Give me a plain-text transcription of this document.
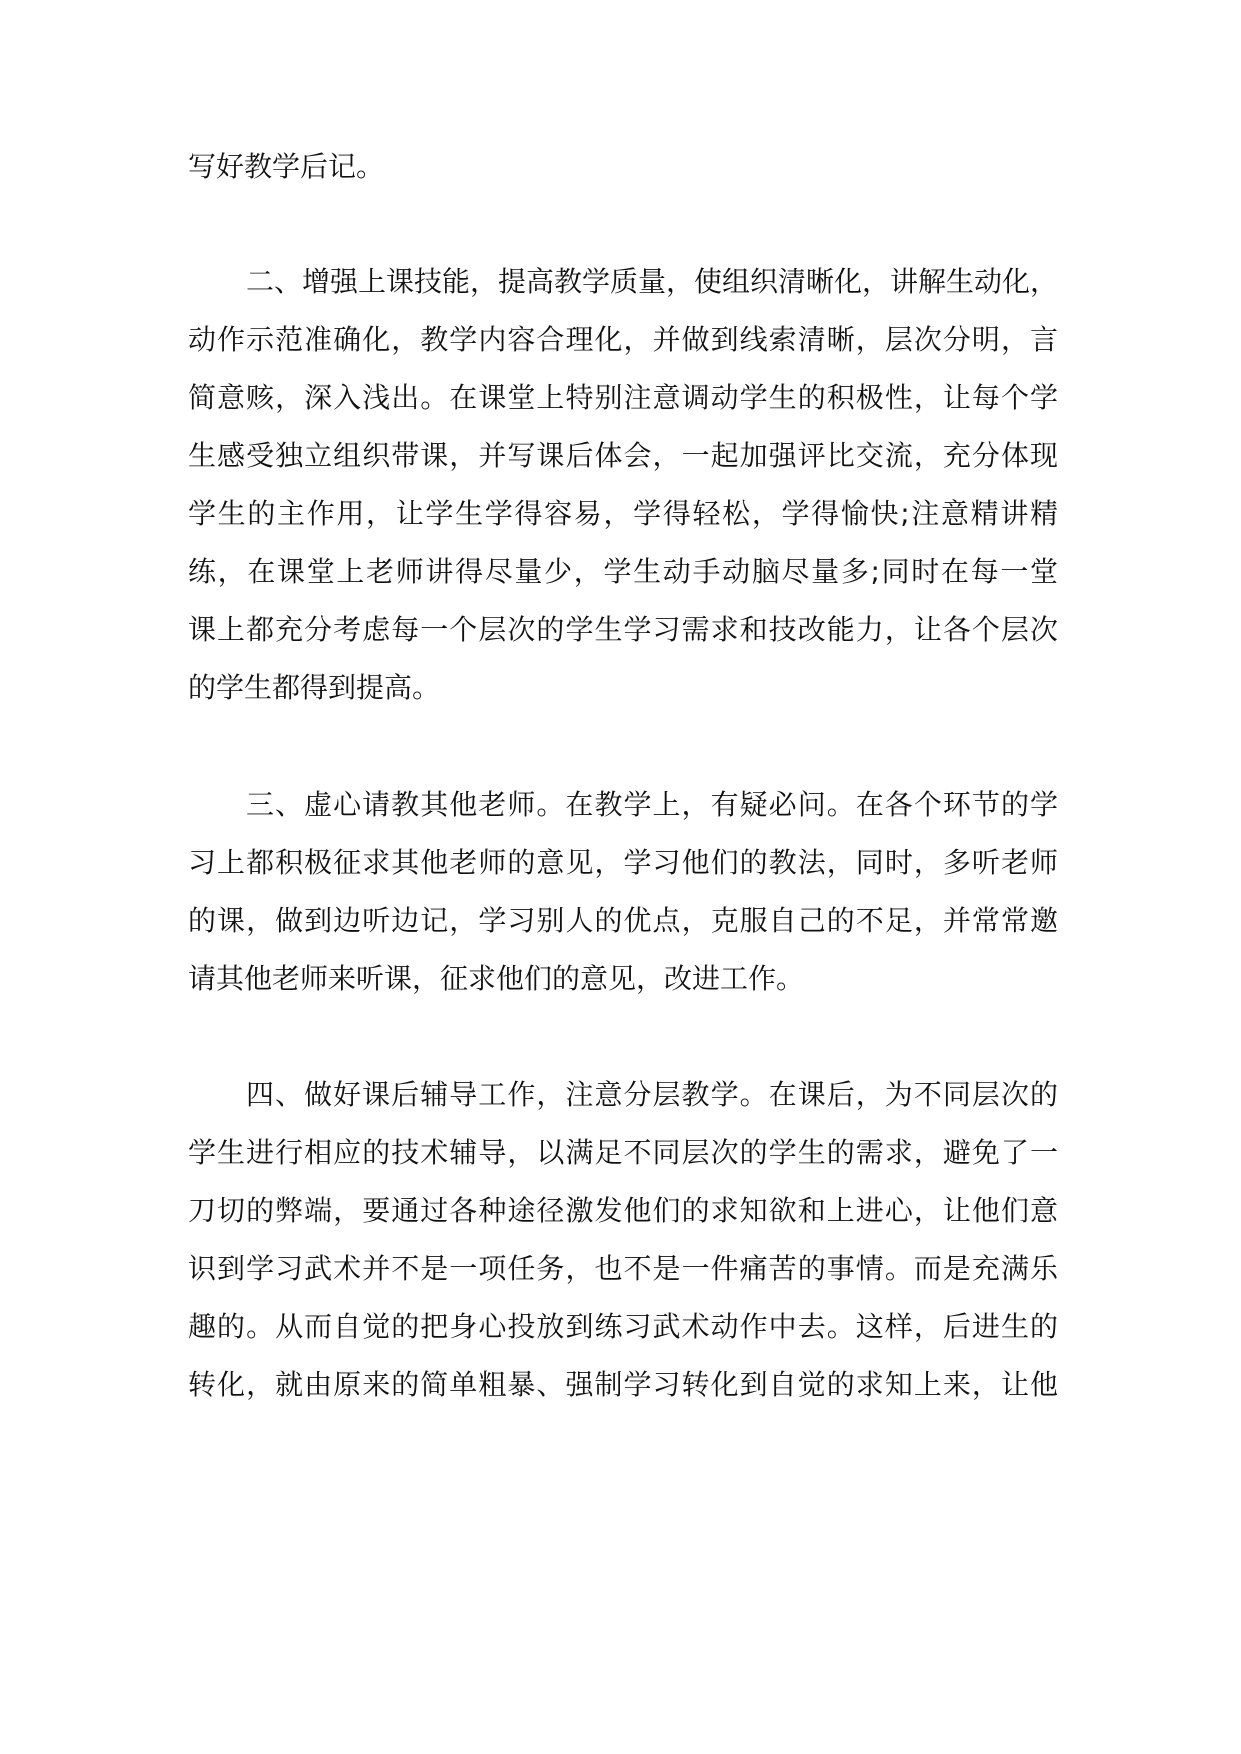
写好教学后记。
二、增强上课技能，提高教学质量，使组织清晰化，讲解生动化，
动作示范准确化，教学内容合理化，并做到线索清晰，层次分明，言
简意赅，深入浅出。在课堂上特别注意调动学生的积极性，让每个学
生感受独立组织带课，并写课后体会，一起加强评比交流，充分体现
学生的主作用，让学生学得容易，学得轻松，学得愉快;注意精讲精
练，在课堂上老师讲得尽量少，学生动手动脑尽量多;同时在每一堂
课上都充分考虑每一个层次的学生学习需求和技改能力，让各个层次
的学生都得到提高。
三、虚心请教其他老师。在教学上，有疑必问。在各个环节的学
习上都积极征求其他老师的意见，学习他们的教法，同时，多听老师
的课，做到边听边记，学习别人的优点，克服自己的不足，并常常邀
请其他老师来听课，征求他们的意见，改进工作。
四、做好课后辅导工作，注意分层教学。在课后，为不同层次的
学生进行相应的技术辅导，以满足不同层次的学生的需求，避免了一
刀切的弊端，要通过各种途径激发他们的求知欲和上进心，让他们意
识到学习武术并不是一项任务，也不是一件痛苦的事情。而是充满乐
趣的。从而自觉的把身心投放到练习武术动作中去。这样，后进生的
转化，就由原来的简单粗暴、强制学习转化到自觉的求知上来，让他
